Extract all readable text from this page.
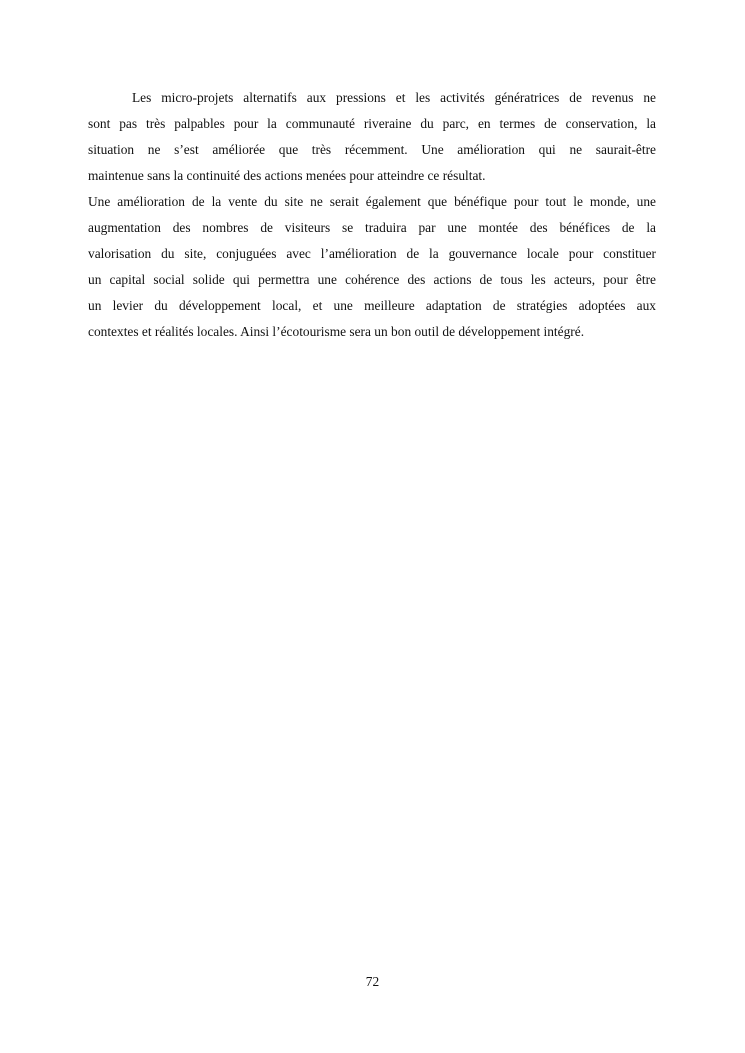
Les micro-projets alternatifs aux pressions et les activités génératrices de revenus ne
sont pas très palpables pour la communauté riveraine du parc, en termes de conservation, la
situation ne s’est améliorée que très récemment. Une amélioration qui ne saurait-être
maintenue sans la continuité des actions menées pour atteindre ce résultat.
Une amélioration de la vente du site ne serait également que bénéfique pour tout le monde, une
augmentation des nombres de visiteurs se traduira par une montée des bénéfices de la
valorisation du site, conjuguées avec l’amélioration de la gouvernance locale pour constituer
un capital social solide qui permettra une cohérence des actions de tous les acteurs, pour être
un levier du développement local, et une meilleure adaptation de stratégies adoptées aux
contextes et réalités locales. Ainsi l’écotourisme sera un bon outil de développement intégré.
72
